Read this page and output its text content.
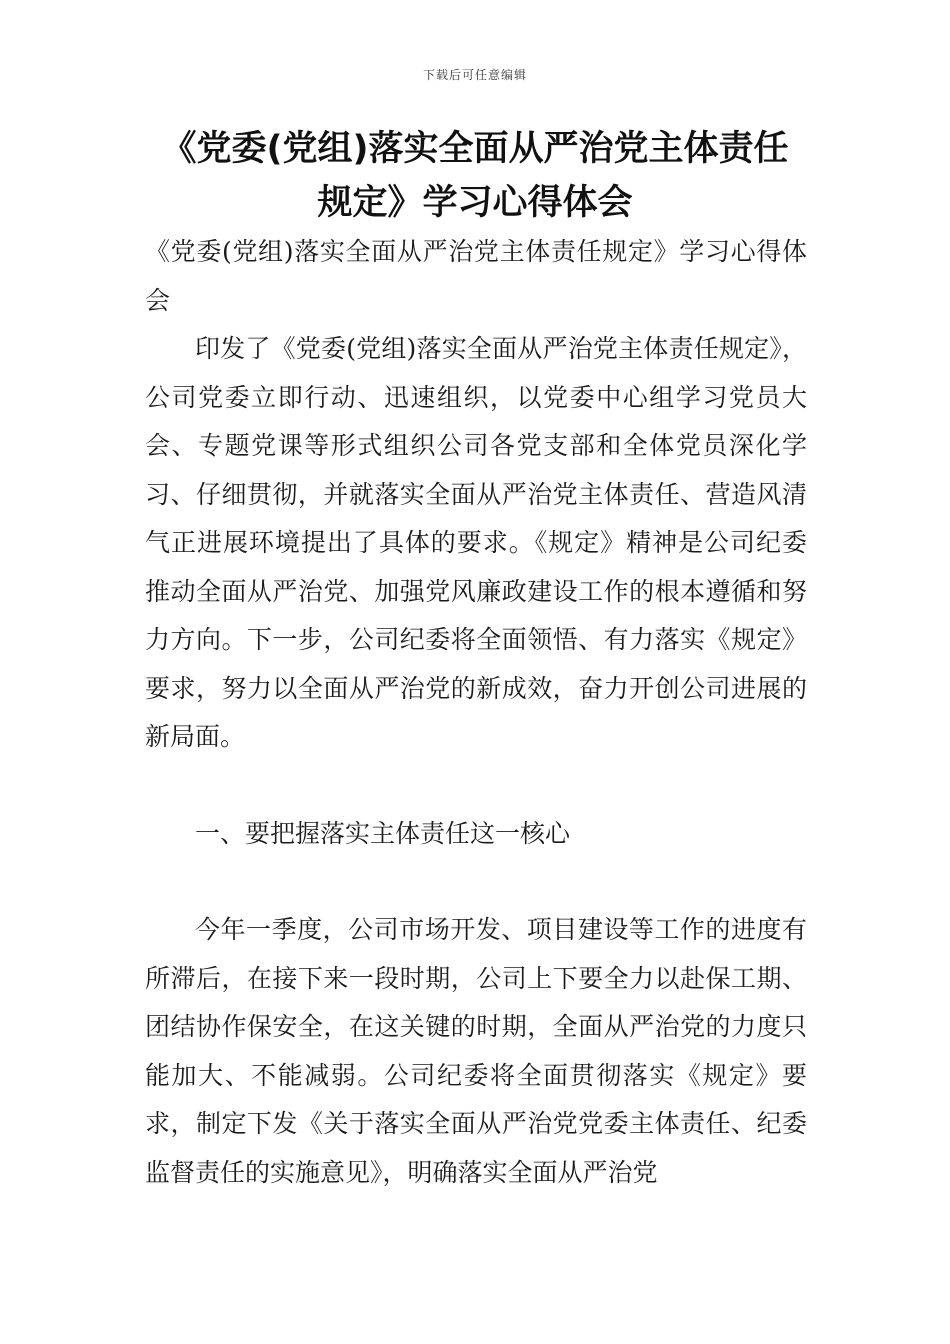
下载后可任意编辑
《党委(党组)落实全面从严治党主体责任规定》学习心得体会

《党委(党组)落实全面从严治党主体责任规定》学习心得体会

印发了《党委(党组)落实全面从严治党主体责任规定》，公司党委立即行动、迅速组织，以党委中心组学习党员大会、专题党课等形式组织公司各党支部和全体党员深化学习、仔细贯彻，并就落实全面从严治党主体责任、营造风清气正进展环境提出了具体的要求。《规定》精神是公司纪委推动全面从严治党、加强党风廉政建设工作的根本遵循和努力方向。下一步，公司纪委将全面领悟、有力落实《规定》要求，努力以全面从严治党的新成效，奋力开创公司进展的新局面。

一、要把握落实主体责任这一核心

今年一季度，公司市场开发、项目建设等工作的进度有所滞后，在接下来一段时期，公司上下要全力以赴保工期、团结协作保安全，在这关键的时期，全面从严治党的力度只能加大、不能减弱。公司纪委将全面贯彻落实《规定》要求，制定下发《关于落实全面从严治党党委主体责任、纪委监督责任的实施意见》，明确落实全面从严治党
